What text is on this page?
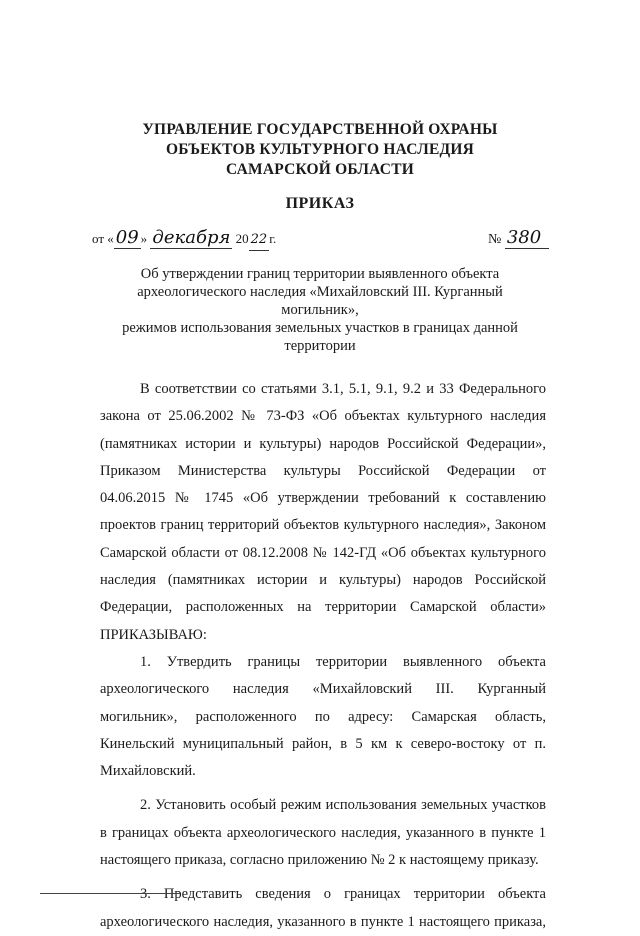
УПРАВЛЕНИЕ ГОСУДАРСТВЕННОЙ ОХРАНЫ
ОБЪЕКТОВ КУЛЬТУРНОГО НАСЛЕДИЯ
САМАРСКОЙ ОБЛАСТИ
ПРИКАЗ
от « 09 » декабря 20 22 г.	№ 380
Об утверждении границ территории выявленного объекта
археологического наследия «Михайловский III. Курганный могильник»,
режимов использования земельных участков в границах данной
территории

В соответствии со статьями 3.1, 5.1, 9.1, 9.2 и 33 Федерального закона от 25.06.2002 № 73-ФЗ «Об объектах культурного наследия (памятниках истории и культуры) народов Российской Федерации», Приказом Министерства культуры Российской Федерации от 04.06.2015 № 1745 «Об утверждении требований к составлению проектов границ территорий объектов культурного наследия», Законом Самарской области от 08.12.2008 № 142-ГД «Об объектах культурного наследия (памятниках истории и культуры) народов Российской Федерации, расположенных на территории Самарской области» ПРИКАЗЫВАЮ:

1. Утвердить границы территории выявленного объекта археологического наследия «Михайловский III. Курганный могильник», расположенного по адресу: Самарская область, Кинельский муниципальный район, в 5 км к северо-востоку от п. Михайловский.

2. Установить особый режим использования земельных участков в границах объекта археологического наследия, указанного в пункте 1 настоящего приказа, согласно приложению № 2 к настоящему приказу.

3. Представить сведения о границах территории объекта археологического наследия, указанного в пункте 1 настоящего приказа,
